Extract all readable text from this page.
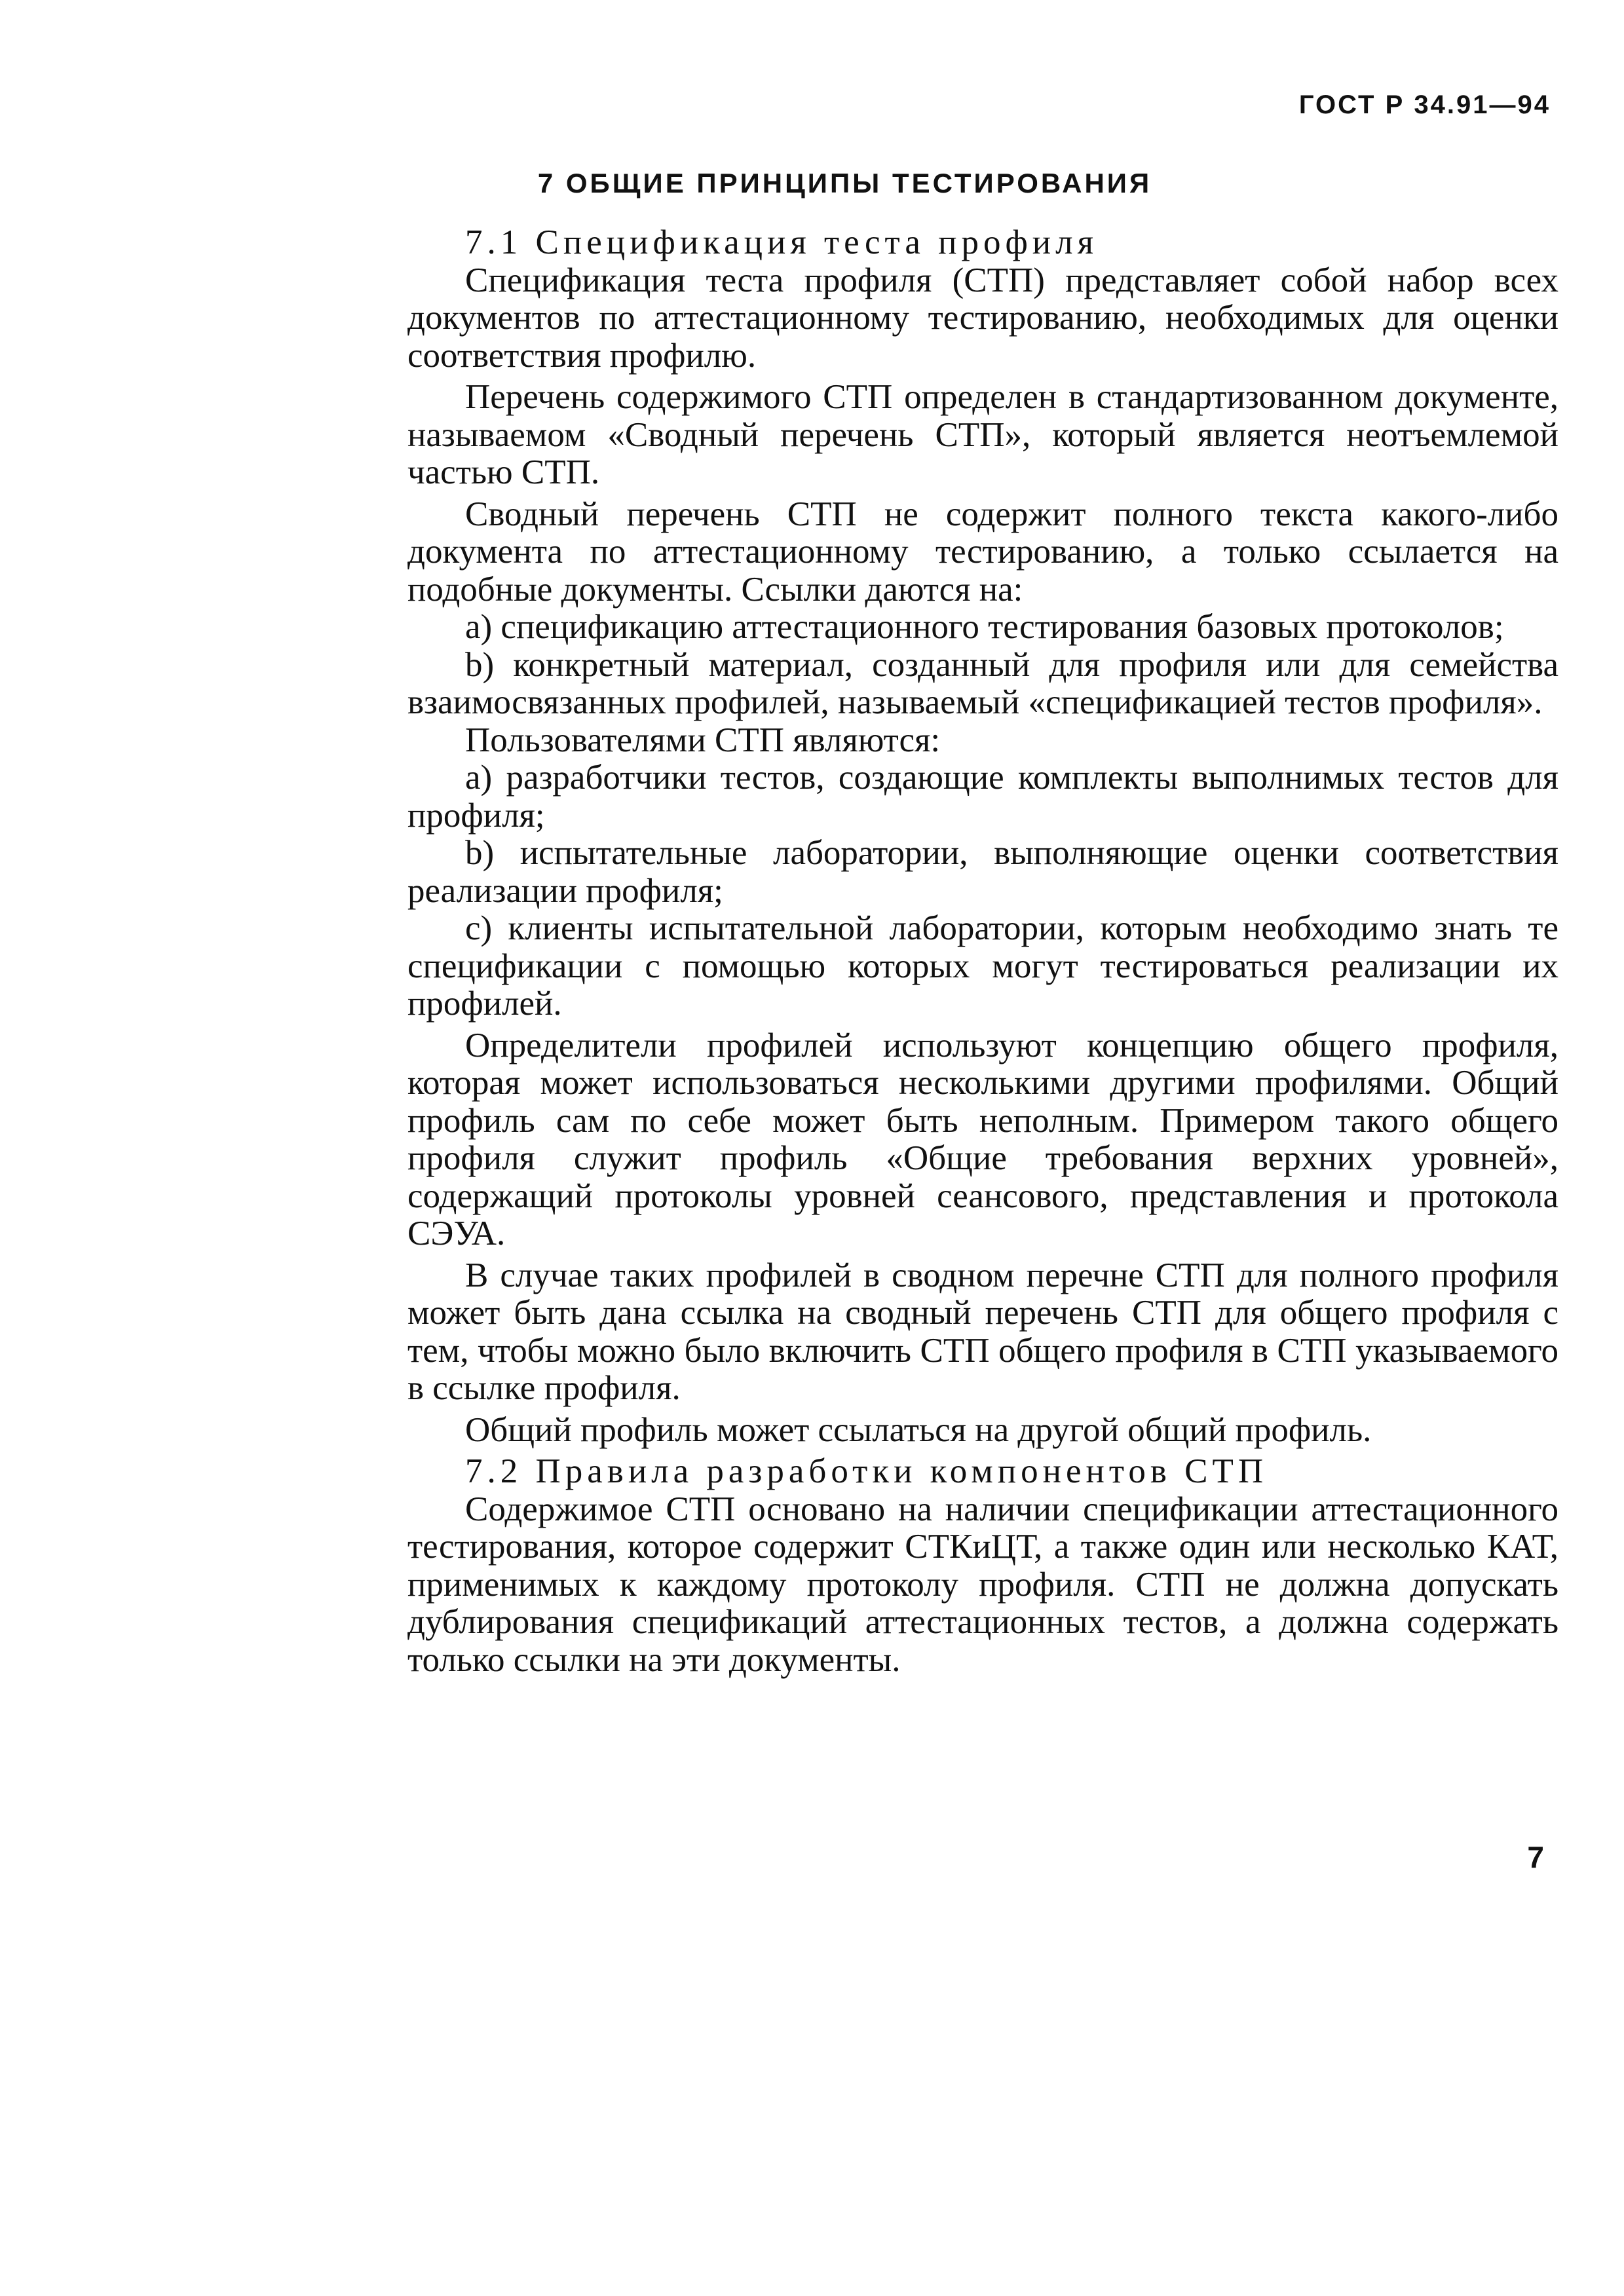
ГОСТ Р 34.91—94
7 ОБЩИЕ ПРИНЦИПЫ ТЕСТИРОВАНИЯ

7.1 Спецификация теста профиля

Спецификация теста профиля (СТП) представляет собой набор всех документов по аттестационному тестированию, необходимых для оценки соответствия профилю.

Перечень содержимого СТП определен в стандартизованном документе, называемом «Сводный перечень СТП», который является неотъемлемой частью СТП.

Сводный перечень СТП не содержит полного текста какого-либо документа по аттестационному тестированию, а только ссылается на подобные документы. Ссылки даются на:

a) спецификацию аттестационного тестирования базовых протоколов;

b) конкретный материал, созданный для профиля или для семейства взаимосвязанных профилей, называемый «спецификацией тестов профиля».

Пользователями СТП являются:

a) разработчики тестов, создающие комплекты выполнимых тестов для профиля;

b) испытательные лаборатории, выполняющие оценки соответствия реализации профиля;

c) клиенты испытательной лаборатории, которым необходимо знать те спецификации с помощью которых могут тестироваться реализации их профилей.

Определители профилей используют концепцию общего профиля, которая может использоваться несколькими другими профилями. Общий профиль сам по себе может быть неполным. Примером такого общего профиля служит профиль «Общие требования верхних уровней», содержащий протоколы уровней сеансового, представления и протокола СЭУА.

В случае таких профилей в сводном перечне СТП для полного профиля может быть дана ссылка на сводный перечень СТП для общего профиля с тем, чтобы можно было включить СТП общего профиля в СТП указываемого в ссылке профиля.

Общий профиль может ссылаться на другой общий профиль.

7.2 Правила разработки компонентов СТП

Содержимое СТП основано на наличии спецификации аттестационного тестирования, которое содержит СТКиЦТ, а также один или несколько КАТ, применимых к каждому протоколу профиля. СТП не должна допускать дублирования спецификаций аттестационных тестов, а должна содержать только ссылки на эти документы.

7
